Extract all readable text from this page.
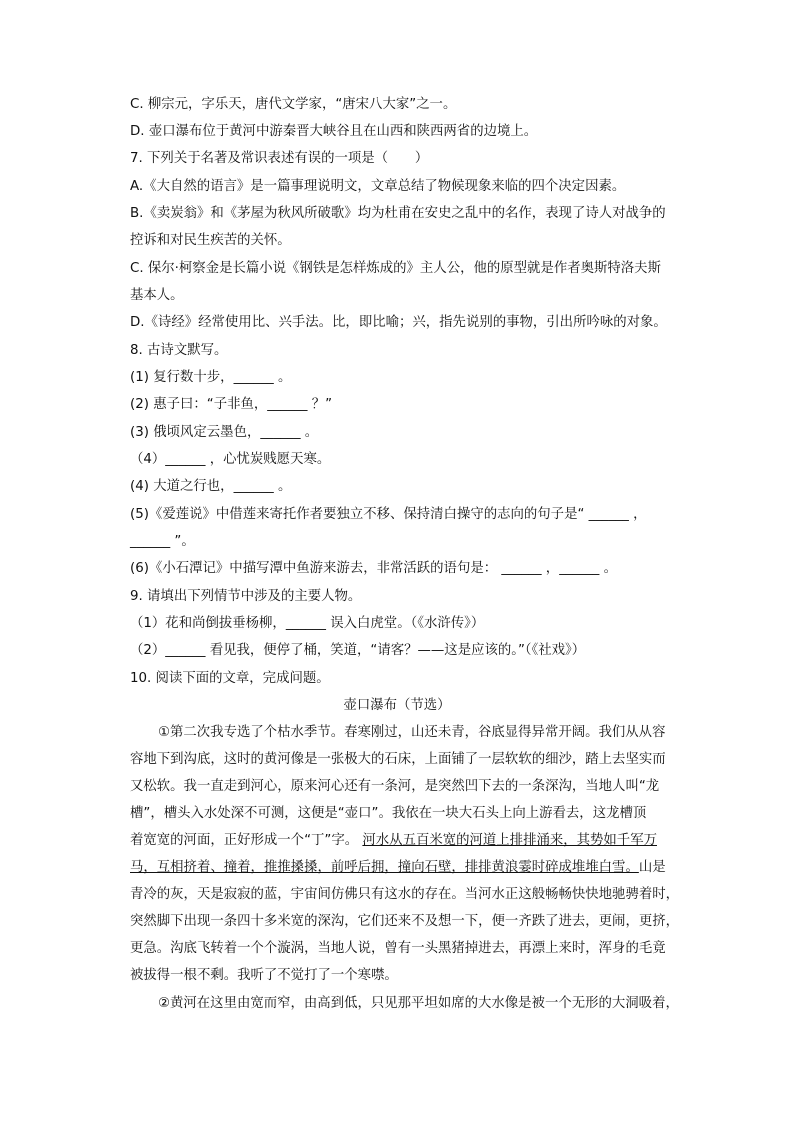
C. 柳宗元，字乐天，唐代文学家，“唐宋八大家”之一。
D. 壶口瀑布位于黄河中游秦晋大峡谷且在山西和陕西两省的边境上。
7. 下列关于名著及常识表述有误的一项是（　　）
A.《大自然的语言》是一篇事理说明文，文章总结了物候现象来临的四个决定因素。
B.《卖炭翁》和《茅屋为秋风所破歌》均为杜甫在安史之乱中的名作，表现了诗人对战争的
控诉和对民生疾苦的关怀。
C. 保尔·柯察金是长篇小说《钢铁是怎样炼成的》主人公，他的原型就是作者奥斯特洛夫斯
基本人。
D.《诗经》经常使用比、兴手法。比，即比喻；兴，指先说别的事物，引出所吟咏的对象。
8. 古诗文默写。
(1) 复行数十步，______ 。
(2) 惠子曰：“子非鱼，______ ？”
(3) 俄顷风定云墨色，______ 。
（4）______ ，心忧炭贱愿天寒。
(4) 大道之行也，______ 。
(5)《爱莲说》中借莲来寄托作者要独立不移、保持清白操守的志向的句子是“ ______ ，
______ ”。
(6)《小石潭记》中描写潭中鱼游来游去，非常活跃的语句是： ______ ，______ 。
9. 请填出下列情节中涉及的主要人物。
（1）花和尚倒拔垂杨柳，______ 误入白虎堂。（《水浒传》）
（2）______ 看见我，便停了桶，笑道，“请客？——这是应该的。”（《社戏》）
10. 阅读下面的文章，完成问题。
壶口瀑布（节选）
①第二次我专选了个枯水季节。春寒刚过，山还未青，谷底显得异常开阔。我们从从容
容地下到沟底，这时的黄河像是一张极大的石床，上面铺了一层软软的细沙，踏上去坚实而
又松软。我一直走到河心，原来河心还有一条河，是突然凹下去的一条深沟，当地人叫“龙
槽”，槽头入水处深不可测，这便是“壶口”。我依在一块大石头上向上游看去，这龙槽顶
着宽宽的河面，正好形成一个“丁”字。 河水从五百米宽的河道上排排涌来，其势如千军万
马，互相挤着、撞着，推推搡搡，前呼后拥，撞向石壁，排排黄浪霎时碎成堆堆白雪。山是
青冷的灰，天是寂寂的蓝，宇宙间仿佛只有这水的存在。当河水正这般畅畅快快地驰骋着时，
突然脚下出现一条四十多米宽的深沟，它们还来不及想一下，便一齐跌了进去，更闹，更挤，
更急。沟底飞转着一个个漩涡，当地人说，曾有一头黑猪掉进去，再漂上来时，浑身的毛竟
被拔得一根不剩。我听了不觉打了一个寒噤。
②黄河在这里由宽而窄，由高到低，只见那平坦如席的大水像是被一个无形的大洞吸着，
